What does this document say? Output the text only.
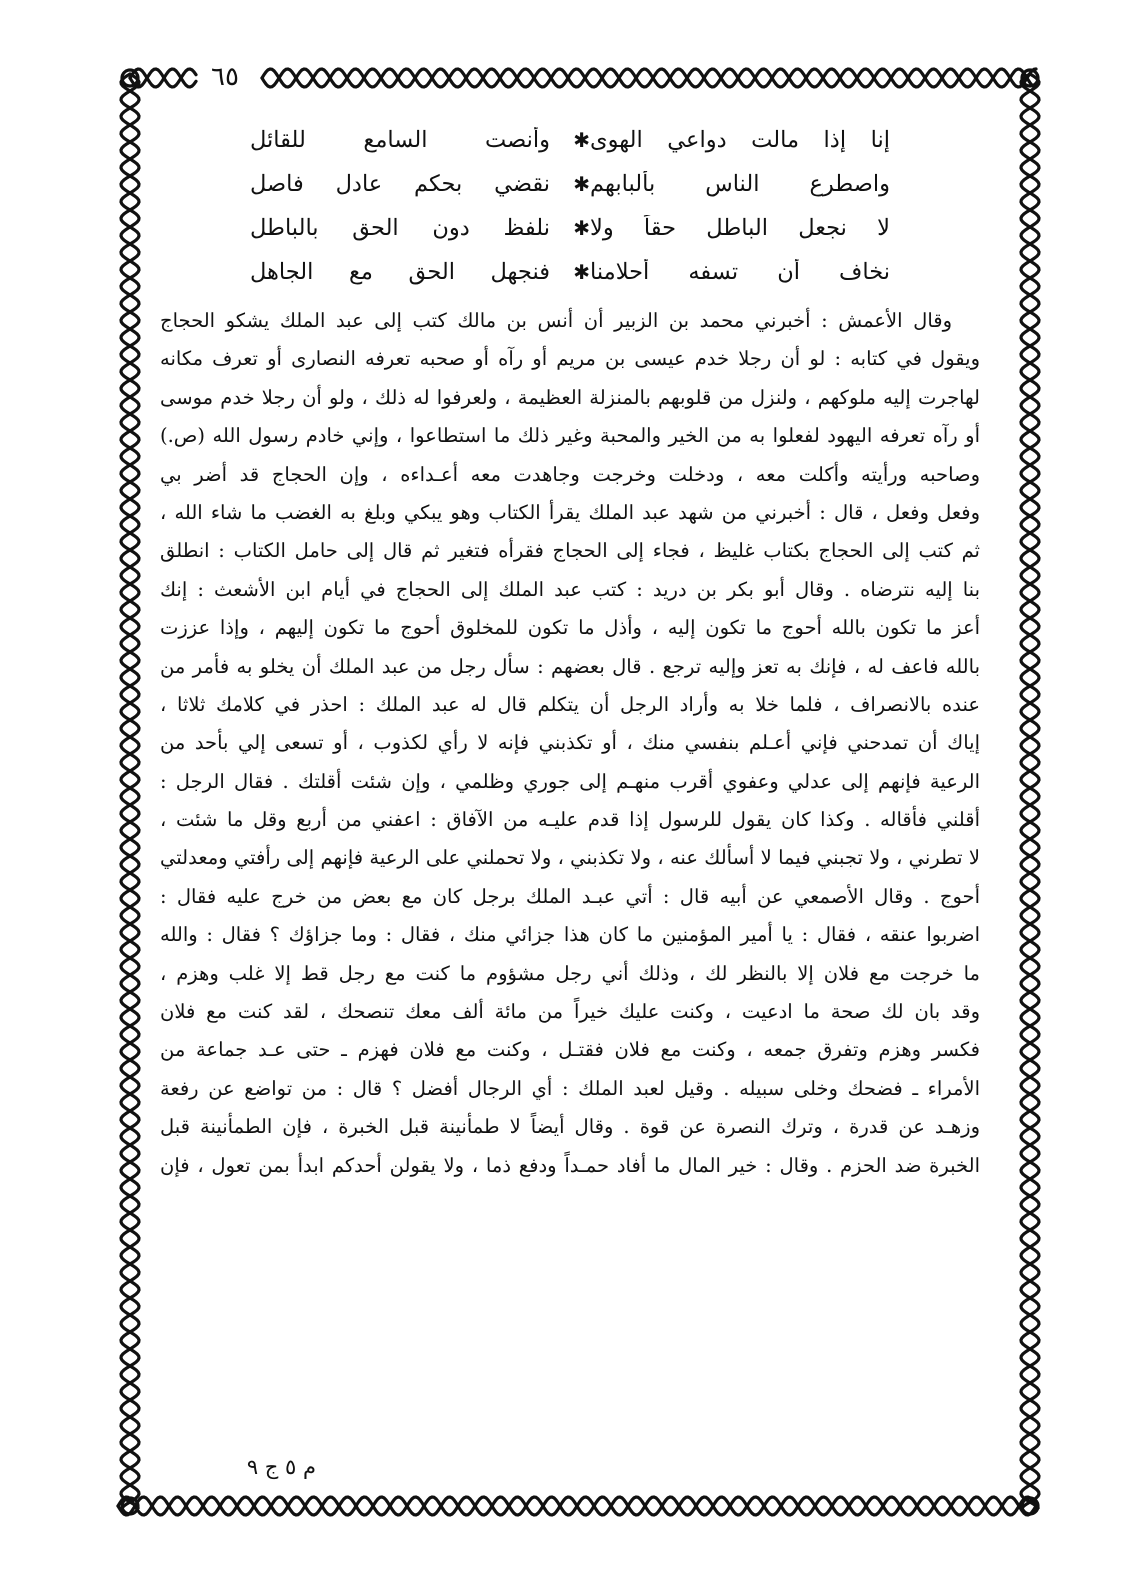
٦٥
إنا إذا مالت دواعي الهوى
✱
وأنصت السامع للقائل
واصطرع الناس بألبابهم
✱
نقضي بحكم عادل فاصل
لا نجعل الباطل حقاً ولا
✱
نلفظ دون الحق بالباطل
نخاف أن تسفه أحلامنا
✱
فنجهل الحق مع الجاهل
وقال الأعمش : أخبرني محمد بن الزبير أن أنس بن مالك كتب إلى عبد الملك يشكو الحجاج
ويقول في كتابه : لو أن رجلا خدم عيسى بن مريم أو رآه أو صحبه تعرفه النصارى أو تعرف مكانه
لهاجرت إليه ملوكهم ، ولنزل من قلوبهم بالمنزلة العظيمة ، ولعرفوا له ذلك ، ولو أن رجلا خدم موسى
أو رآه تعرفه اليهود لفعلوا به من الخير والمحبة وغير ذلك ما استطاعوا ، وإني خادم رسول الله (ص.)
وصاحبه ورأيته وأكلت معه ، ودخلت وخرجت وجاهدت معه أعـداءه ، وإن الحجاج قد أضر بي
وفعل وفعل ، قال : أخبرني من شهد عبد الملك يقرأ الكتاب وهو يبكي وبلغ به الغضب ما شاء الله ،
ثم كتب إلى الحجاج بكتاب غليظ ، فجاء إلى الحجاج فقرأه فتغير ثم قال إلى حامل الكتاب : انطلق
بنا إليه نترضاه . وقال أبو بكر بن دريد : كتب عبد الملك إلى الحجاج في أيام ابن الأشعث : إنك
أعز ما تكون بالله أحوج ما تكون إليه ، وأذل ما تكون للمخلوق أحوج ما تكون إليهم ، وإذا عززت
بالله فاعف له ، فإنك به تعز وإليه ترجع . قال بعضهم : سأل رجل من عبد الملك أن يخلو به فأمر من
عنده بالانصراف ، فلما خلا به وأراد الرجل أن يتكلم قال له عبد الملك : احذر في كلامك ثلاثا ،
إياك أن تمدحني فإني أعـلم بنفسي منك ، أو تكذبني فإنه لا رأي لكذوب ، أو تسعى إلي بأحد من
الرعية فإنهم إلى عدلي وعفوي أقرب منهـم إلى جوري وظلمي ، وإن شئت أقلتك . فقال الرجل :
أقلني فأقاله . وكذا كان يقول للرسول إذا قدم عليـه من الآفاق : اعفني من أربع وقل ما شئت ،
لا تطرني ، ولا تجبني فيما لا أسألك عنه ، ولا تكذبني ، ولا تحملني على الرعية فإنهم إلى رأفتي ومعدلتي
أحوج . وقال الأصمعي عن أبيه قال : أتي عبـد الملك برجل كان مع بعض من خرج عليه فقال :
اضربوا عنقه ، فقال : يا أمير المؤمنين ما كان هذا جزائي منك ، فقال : وما جزاؤك ؟ فقال : والله
ما خرجت مع فلان إلا بالنظر لك ، وذلك أني رجل مشؤوم ما كنت مع رجل قط إلا غلب وهزم ،
وقد بان لك صحة ما ادعيت ، وكنت عليك خيراً من مائة ألف معك تنصحك ، لقد كنت مع فلان
فكسر وهزم وتفرق جمعه ، وكنت مع فلان فقتـل ، وكنت مع فلان فهزم ـ حتى عـد جماعة من
الأمراء ـ فضحك وخلى سبيله . وقيل لعبد الملك : أي الرجال أفضل ؟ قال : من تواضع عن رفعة
وزهـد عن قدرة ، وترك النصرة عن قوة . وقال أيضاً لا طمأنينة قبل الخبرة ، فإن الطمأنينة قبل
الخبرة ضد الحزم . وقال : خير المال ما أفاد حمـداً ودفع ذما ، ولا يقولن أحدكم ابدأ بمن تعول ، فإن
م ٥ ج ٩
